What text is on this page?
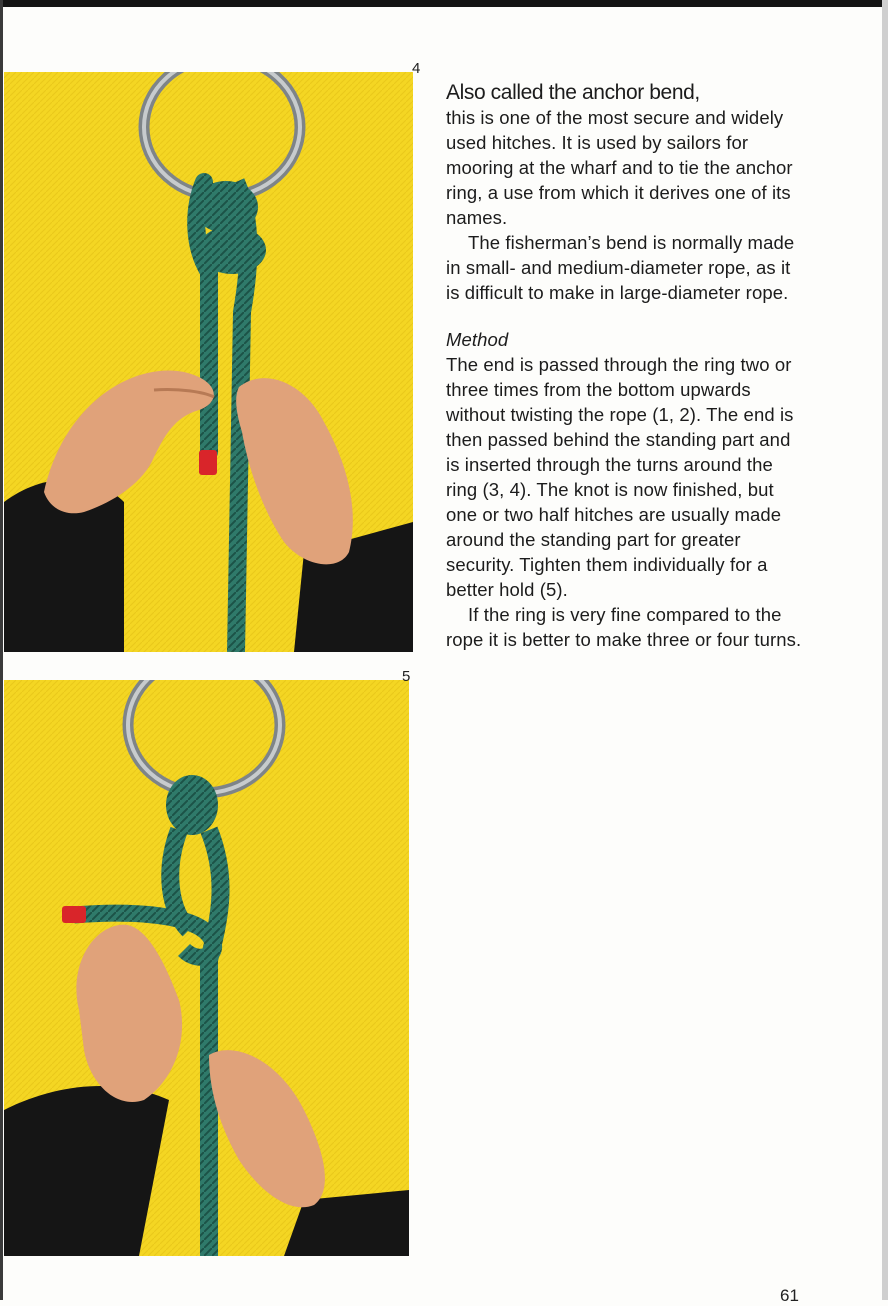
4
5

Also called the anchor bend,
this is one of the most secure and widely used hitches. It is used by sailors for mooring at the wharf and to tie the anchor ring, a use from which it derives one of its names.

The fisherman’s bend is normally made in small- and medium-diameter rope, as it is difficult to make in large-diameter rope.

Method

The end is passed through the ring two or three times from the bottom upwards without twisting the rope (1, 2). The end is then passed behind the standing part and is inserted through the turns around the ring (3, 4). The knot is now finished, but one or two half hitches are usually made around the standing part for greater security. Tighten them individually for a better hold (5).

If the ring is very fine compared to the rope it is better to make three or four turns.

61
